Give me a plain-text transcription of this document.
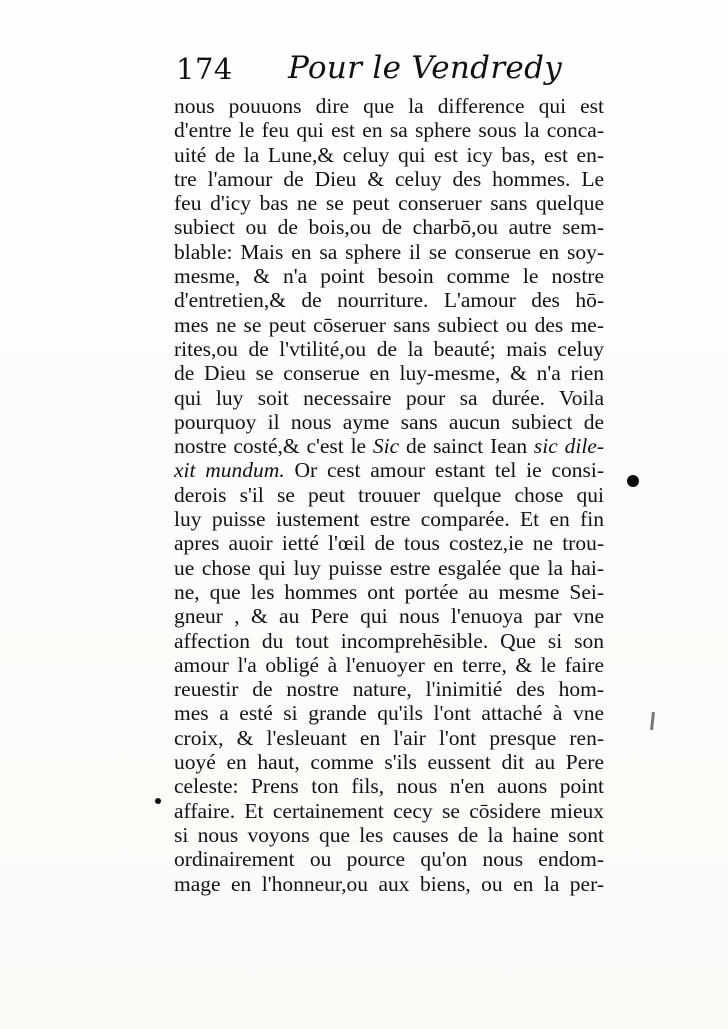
174 Pour le Vendredy
nous pouuons dire que la difference qui est
d'entre le feu qui est en sa sphere sous la conca-
uité de la Lune,& celuy qui est icy bas, est en-
tre l'amour de Dieu & celuy des hommes. Le
feu d'icy bas ne se peut conseruer sans quelque
subiect ou de bois,ou de charbō,ou autre sem-
blable: Mais en sa sphere il se conserue en soy-
mesme, & n'a point besoin comme le nostre
d'entretien,& de nourriture. L'amour des hō-
mes ne se peut cōseruer sans subiect ou des me-
rites,ou de l'vtilité,ou de la beauté; mais celuy
de Dieu se conserue en luy-mesme, & n'a rien
qui luy soit necessaire pour sa durée. Voila
pourquoy il nous ayme sans aucun subiect de
nostre costé,& c'est le Sic de sainct Iean sic dile-
xit mundum. Or cest amour estant tel ie consi-
derois s'il se peut trouuer quelque chose qui
luy puisse iustement estre comparée. Et en fin
apres auoir ietté l'œil de tous costez,ie ne trou-
ue chose qui luy puisse estre esgalée que la hai-
ne, que les hommes ont portée au mesme Sei-
gneur , & au Pere qui nous l'enuoya par vne
affection du tout incomprehēsible. Que si son
amour l'a obligé à l'enuoyer en terre, & le faire
reuestir de nostre nature, l'inimitié des hom-
mes a esté si grande qu'ils l'ont attaché à vne
croix, & l'esleuant en l'air l'ont presque ren-
uoyé en haut, comme s'ils eussent dit au Pere
celeste: Prens ton fils, nous n'en auons point
affaire. Et certainement cecy se cōsidere mieux
si nous voyons que les causes de la haine sont
ordinairement ou pource qu'on nous endom-
mage en l'honneur,ou aux biens, ou en la per-
